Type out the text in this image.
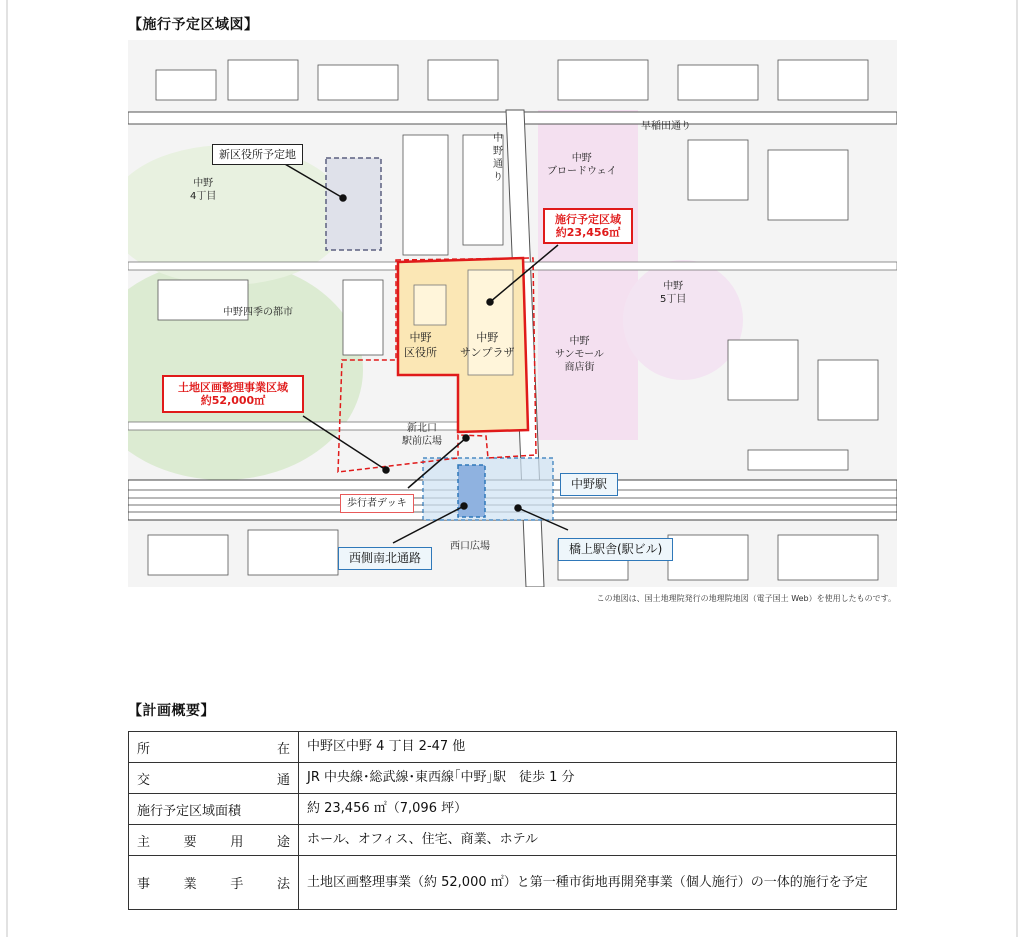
【施行予定区域図】
中野
4丁目
中
野
通
り
早稲田通り
中野
ブロードウェイ
中野
5丁目
中野四季の都市
中野
区役所
中野
サンプラザ
中野
サンモール
商店街
新北口
駅前広場
西口広場
新区役所予定地
施行予定区域
約23,456㎡
土地区画整理事業区域
約52,000㎡
歩行者デッキ
中野駅
西側南北通路
橋上駅舎(駅ビル)
この地図は、国土地理院発行の地理院地図（電子国土 Web）を使用したものです。
【計画概要】
所 在	中野区中野 4 丁目 2-47 他

交 通	JR 中央線･総武線･東西線｢中野｣駅　徒歩 1 分

施行予定区域面積	約 23,456 ㎡（7,096 坪）

主 要 用 途	ホール、オフィス、住宅、商業、ホテル

事 業 手 法	土地区画整理事業（約 52,000 ㎡）と第一種市街地再開発事業（個人施行）の一体的施行を予定
